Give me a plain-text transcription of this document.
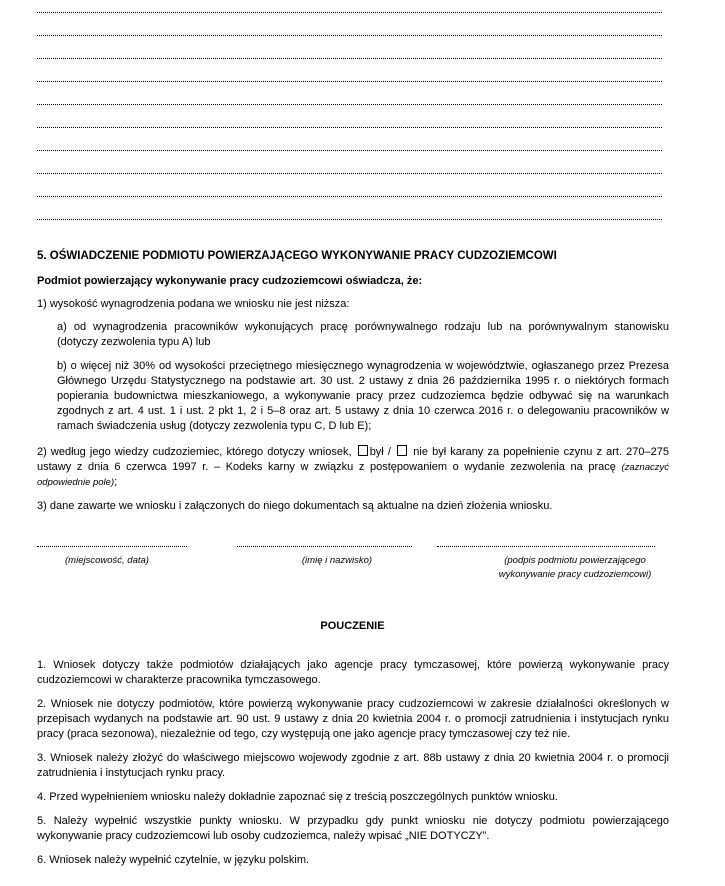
5. OŚWIADCZENIE PODMIOTU POWIERZAJĄCEGO WYKONYWANIE PRACY CUDZOZIEMCOWI

Podmiot powierzający wykonywanie pracy cudzoziemcowi oświadcza, że:

1) wysokość wynagrodzenia podana we wniosku nie jest niższa:

a) od wynagrodzenia pracowników wykonujących pracę porównywalnego rodzaju lub na porównywalnym stanowisku (dotyczy zezwolenia typu A) lub

b) o więcej niż 30% od wysokości przeciętnego miesięcznego wynagrodzenia w województwie, ogłaszanego przez Prezesa Głównego Urzędu Statystycznego na podstawie art. 30 ust. 2 ustawy z dnia 26 października 1995 r. o niektórych formach popierania budownictwa mieszkaniowego, a wykonywanie pracy przez cudzoziemca będzie odbywać się na warunkach zgodnych z art. 4 ust. 1 i ust. 2 pkt 1, 2 i 5–8 oraz art. 5 ustawy z dnia 10 czerwca 2016 r. o delegowaniu pracowników w ramach świadczenia usług (dotyczy zezwolenia typu C, D lub E);

2) według jego wiedzy cudzoziemiec, którego dotyczy wniosek, był / nie był karany za popełnienie czynu z art. 270–275 ustawy z dnia 6 czerwca 1997 r. – Kodeks karny w związku z postępowaniem o wydanie zezwolenia na pracę (zaznaczyć odpowiednie pole);

3) dane zawarte we wniosku i załączonych do niego dokumentach są aktualne na dzień złożenia wniosku.

(miejscowość, data)	(imię i nazwisko)	(podpis podmiotu powierzającego
wykonywanie pracy cudzoziemcowi)

POUCZENIE

1. Wniosek dotyczy także podmiotów działających jako agencje pracy tymczasowej, które powierzą wykonywanie pracy cudzoziemcowi w charakterze pracownika tymczasowego.

2. Wniosek nie dotyczy podmiotów, które powierzą wykonywanie pracy cudzoziemcowi w zakresie działalności określonych w przepisach wydanych na podstawie art. 90 ust. 9 ustawy z dnia 20 kwietnia 2004 r. o promocji zatrudnienia i instytucjach rynku pracy (praca sezonowa), niezależnie od tego, czy występują one jako agencje pracy tymczasowej czy też nie.

3. Wniosek należy złożyć do właściwego miejscowo wojewody zgodnie z art. 88b ustawy z dnia 20 kwietnia 2004 r. o promocji zatrudnienia i instytucjach rynku pracy.

4. Przed wypełnieniem wniosku należy dokładnie zapoznać się z treścią poszczególnych punktów wniosku.

5. Należy wypełnić wszystkie punkty wniosku. W przypadku gdy punkt wniosku nie dotyczy podmiotu powierzającego wykonywanie pracy cudzoziemcowi lub osoby cudzoziemca, należy wpisać „NIE DOTYCZY”.

6. Wniosek należy wypełnić czytelnie, w języku polskim.
